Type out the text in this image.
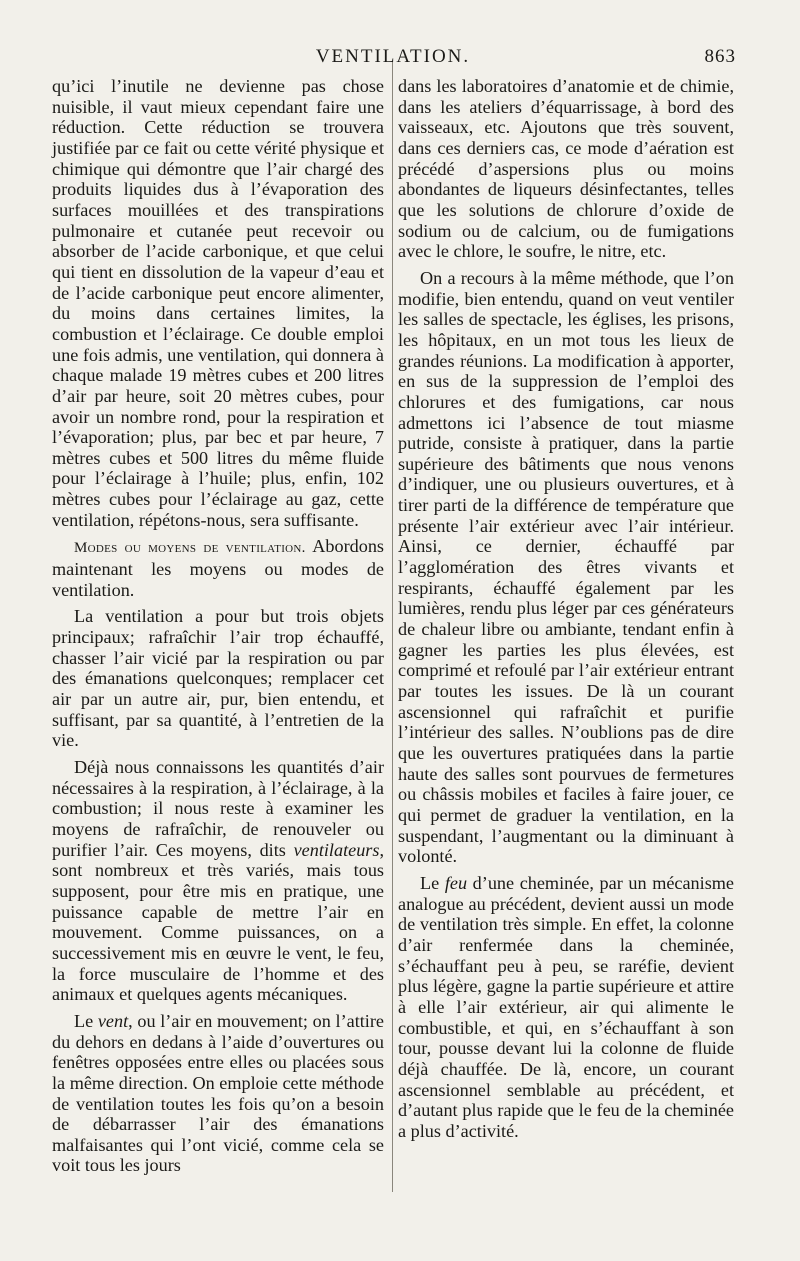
VENTILATION.	863

qu’ici l’inutile ne devienne pas chose nuisible, il vaut mieux cependant faire une réduction. Cette réduction se trouvera justifiée par ce fait ou cette vérité physique et chimique qui démontre que l’air chargé des produits liquides dus à l’évaporation des surfaces mouillées et des transpirations pulmonaire et cutanée peut recevoir ou absorber de l’acide carbonique, et que celui qui tient en dissolution de la vapeur d’eau et de l’acide carbonique peut encore alimenter, du moins dans certaines limites, la combustion et l’éclairage. Ce double emploi une fois admis, une ventilation, qui donnera à chaque malade 19 mètres cubes et 200 litres d’air par heure, soit 20 mètres cubes, pour avoir un nombre rond, pour la respiration et l’évaporation; plus, par bec et par heure, 7 mètres cubes et 500 litres du même fluide pour l’éclairage à l’huile; plus, enfin, 102 mètres cubes pour l’éclairage au gaz, cette ventilation, répétons-nous, sera suffisante.

Modes ou moyens de ventilation. Abordons maintenant les moyens ou modes de ventilation.

La ventilation a pour but trois objets principaux; rafraîchir l’air trop échauffé, chasser l’air vicié par la respiration ou par des émanations quelconques; remplacer cet air par un autre air, pur, bien entendu, et suffisant, par sa quantité, à l’entretien de la vie.

Déjà nous connaissons les quantités d’air nécessaires à la respiration, à l’éclairage, à la combustion; il nous reste à examiner les moyens de rafraîchir, de renouveler ou purifier l’air. Ces moyens, dits ventilateurs, sont nombreux et très variés, mais tous supposent, pour être mis en pratique, une puissance capable de mettre l’air en mouvement. Comme puissances, on a successivement mis en œuvre le vent, le feu, la force musculaire de l’homme et des animaux et quelques agents mécaniques.

Le vent, ou l’air en mouvement; on l’attire du dehors en dedans à l’aide d’ouvertures ou fenêtres opposées entre elles ou placées sous la même direction. On emploie cette méthode de ventilation toutes les fois qu’on a besoin de débarrasser l’air des émanations malfaisantes qui l’ont vicié, comme cela se voit tous les jours

dans les laboratoires d’anatomie et de chimie, dans les ateliers d’équarrissage, à bord des vaisseaux, etc. Ajoutons que très souvent, dans ces derniers cas, ce mode d’aération est précédé d’aspersions plus ou moins abondantes de liqueurs désinfectantes, telles que les solutions de chlorure d’oxide de sodium ou de calcium, ou de fumigations avec le chlore, le soufre, le nitre, etc.

On a recours à la même méthode, que l’on modifie, bien entendu, quand on veut ventiler les salles de spectacle, les églises, les prisons, les hôpitaux, en un mot tous les lieux de grandes réunions. La modification à apporter, en sus de la suppression de l’emploi des chlorures et des fumigations, car nous admettons ici l’absence de tout miasme putride, consiste à pratiquer, dans la partie supérieure des bâtiments que nous venons d’indiquer, une ou plusieurs ouvertures, et à tirer parti de la différence de température que présente l’air extérieur avec l’air intérieur. Ainsi, ce dernier, échauffé par l’agglomération des êtres vivants et respirants, échauffé également par les lumières, rendu plus léger par ces générateurs de chaleur libre ou ambiante, tendant enfin à gagner les parties les plus élevées, est comprimé et refoulé par l’air extérieur entrant par toutes les issues. De là un courant ascensionnel qui rafraîchit et purifie l’intérieur des salles. N’oublions pas de dire que les ouvertures pratiquées dans la partie haute des salles sont pourvues de fermetures ou châssis mobiles et faciles à faire jouer, ce qui permet de graduer la ventilation, en la suspendant, l’augmentant ou la diminuant à volonté.

Le feu d’une cheminée, par un mécanisme analogue au précédent, devient aussi un mode de ventilation très simple. En effet, la colonne d’air renfermée dans la cheminée, s’échauffant peu à peu, se raréfie, devient plus légère, gagne la partie supérieure et attire à elle l’air extérieur, air qui alimente le combustible, et qui, en s’échauffant à son tour, pousse devant lui la colonne de fluide déjà chauffée. De là, encore, un courant ascensionnel semblable au précédent, et d’autant plus rapide que le feu de la cheminée a plus d’activité.
